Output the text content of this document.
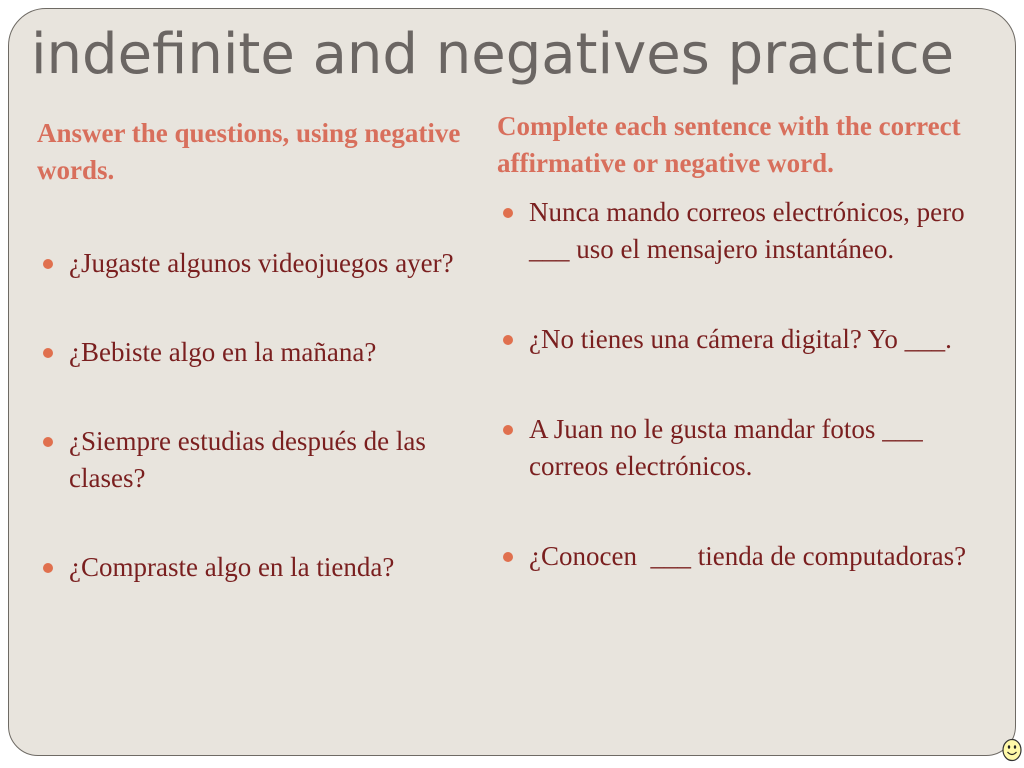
indefinite and negatives practice

Answer the questions, using negative words.

¿Jugaste algunos videojuegos ayer?
¿Bebiste algo en la mañana?
¿Siempre estudias después de las clases?
¿Compraste algo en la tienda?

Complete each sentence with the correct affirmative or negative word.

Nunca mando correos electrónicos, pero ___ uso el mensajero instantáneo.
¿No tienes una cámera digital? Yo ___.
A Juan no le gusta mandar fotos ___ correos electrónicos.
¿Conocen  ___ tienda de computadoras?
